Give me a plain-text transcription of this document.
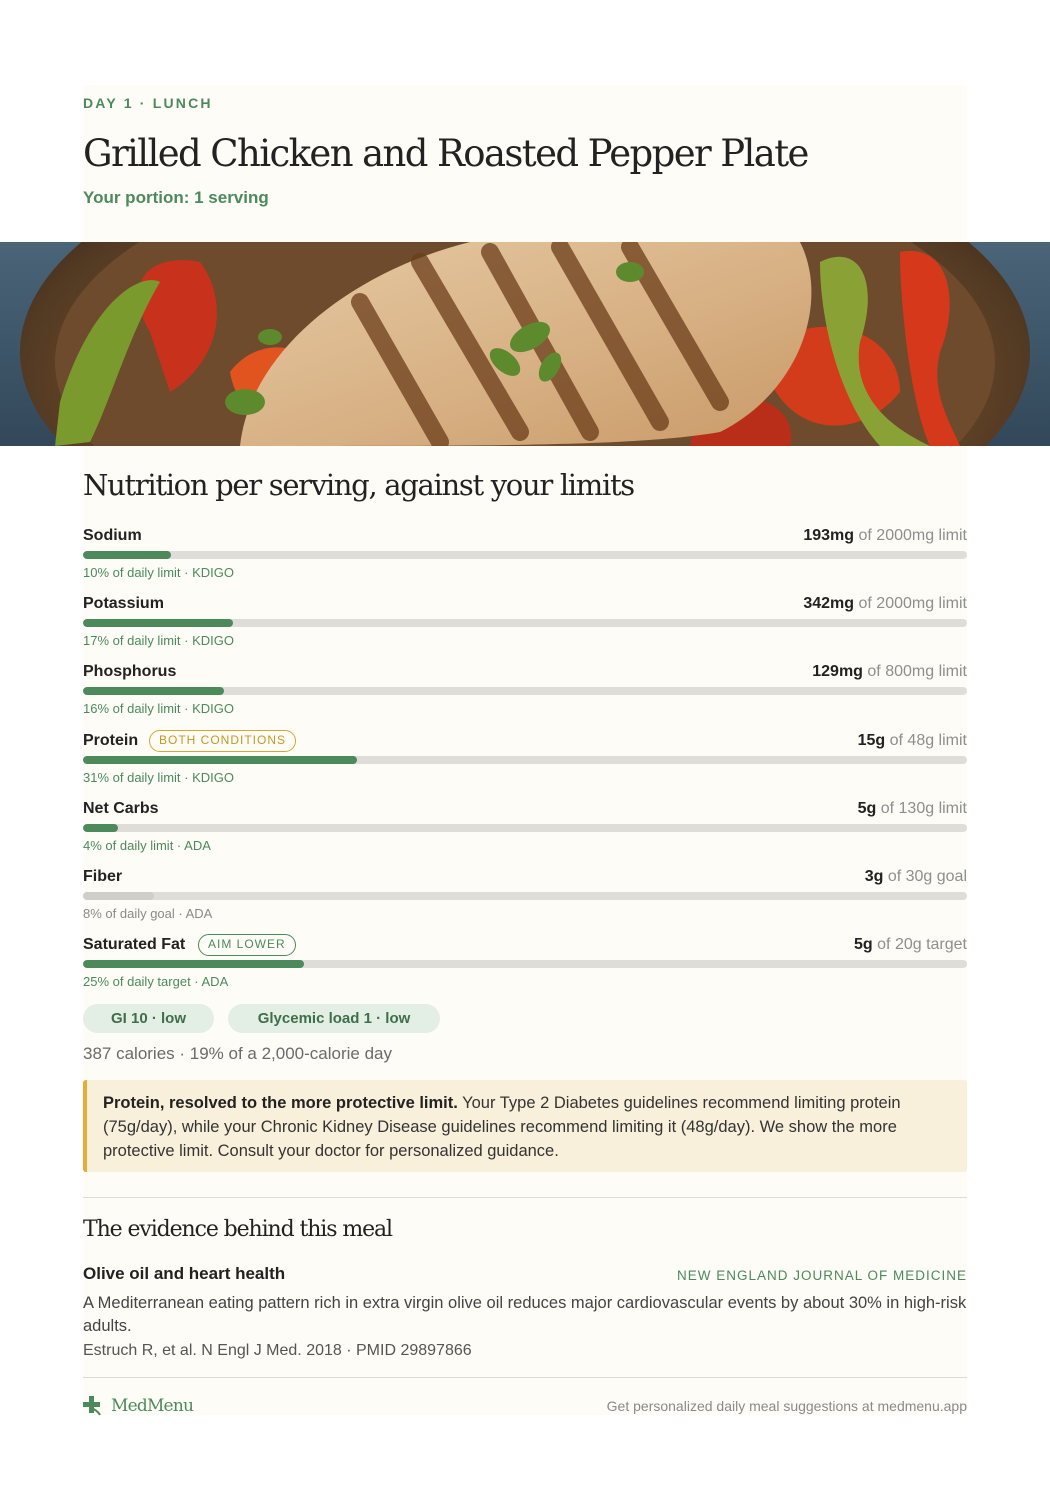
DAY 1 · LUNCH
Grilled Chicken and Roasted Pepper Plate
Your portion: 1 serving
Nutrition per serving, against your limits
Sodium	193mg of 2000mg limit
10% of daily limit · KDIGO
Potassium	342mg of 2000mg limit
17% of daily limit · KDIGO
Phosphorus	129mg of 800mg limit
16% of daily limit · KDIGO
Protein	BOTH CONDITIONS	15g of 48g limit
31% of daily limit · KDIGO
Net Carbs	5g of 130g limit
4% of daily limit · ADA
Fiber	3g of 30g goal
8% of daily goal · ADA
Saturated Fat	AIM LOWER	5g of 20g target
25% of daily target · ADA
GI 10 · low	Glycemic load 1 · low
387 calories · 19% of a 2,000-calorie day
Protein, resolved to the more protective limit. Your Type 2 Diabetes guidelines recommend limiting protein (75g/day), while your Chronic Kidney Disease guidelines recommend limiting it (48g/day). We show the more protective limit. Consult your doctor for personalized guidance.
The evidence behind this meal
Olive oil and heart health	NEW ENGLAND JOURNAL OF MEDICINE
A Mediterranean eating pattern rich in extra virgin olive oil reduces major cardiovascular events by about 30% in high-risk adults.
Estruch R, et al. N Engl J Med. 2018 · PMID 29897866
MedMenu	Get personalized daily meal suggestions at medmenu.app
